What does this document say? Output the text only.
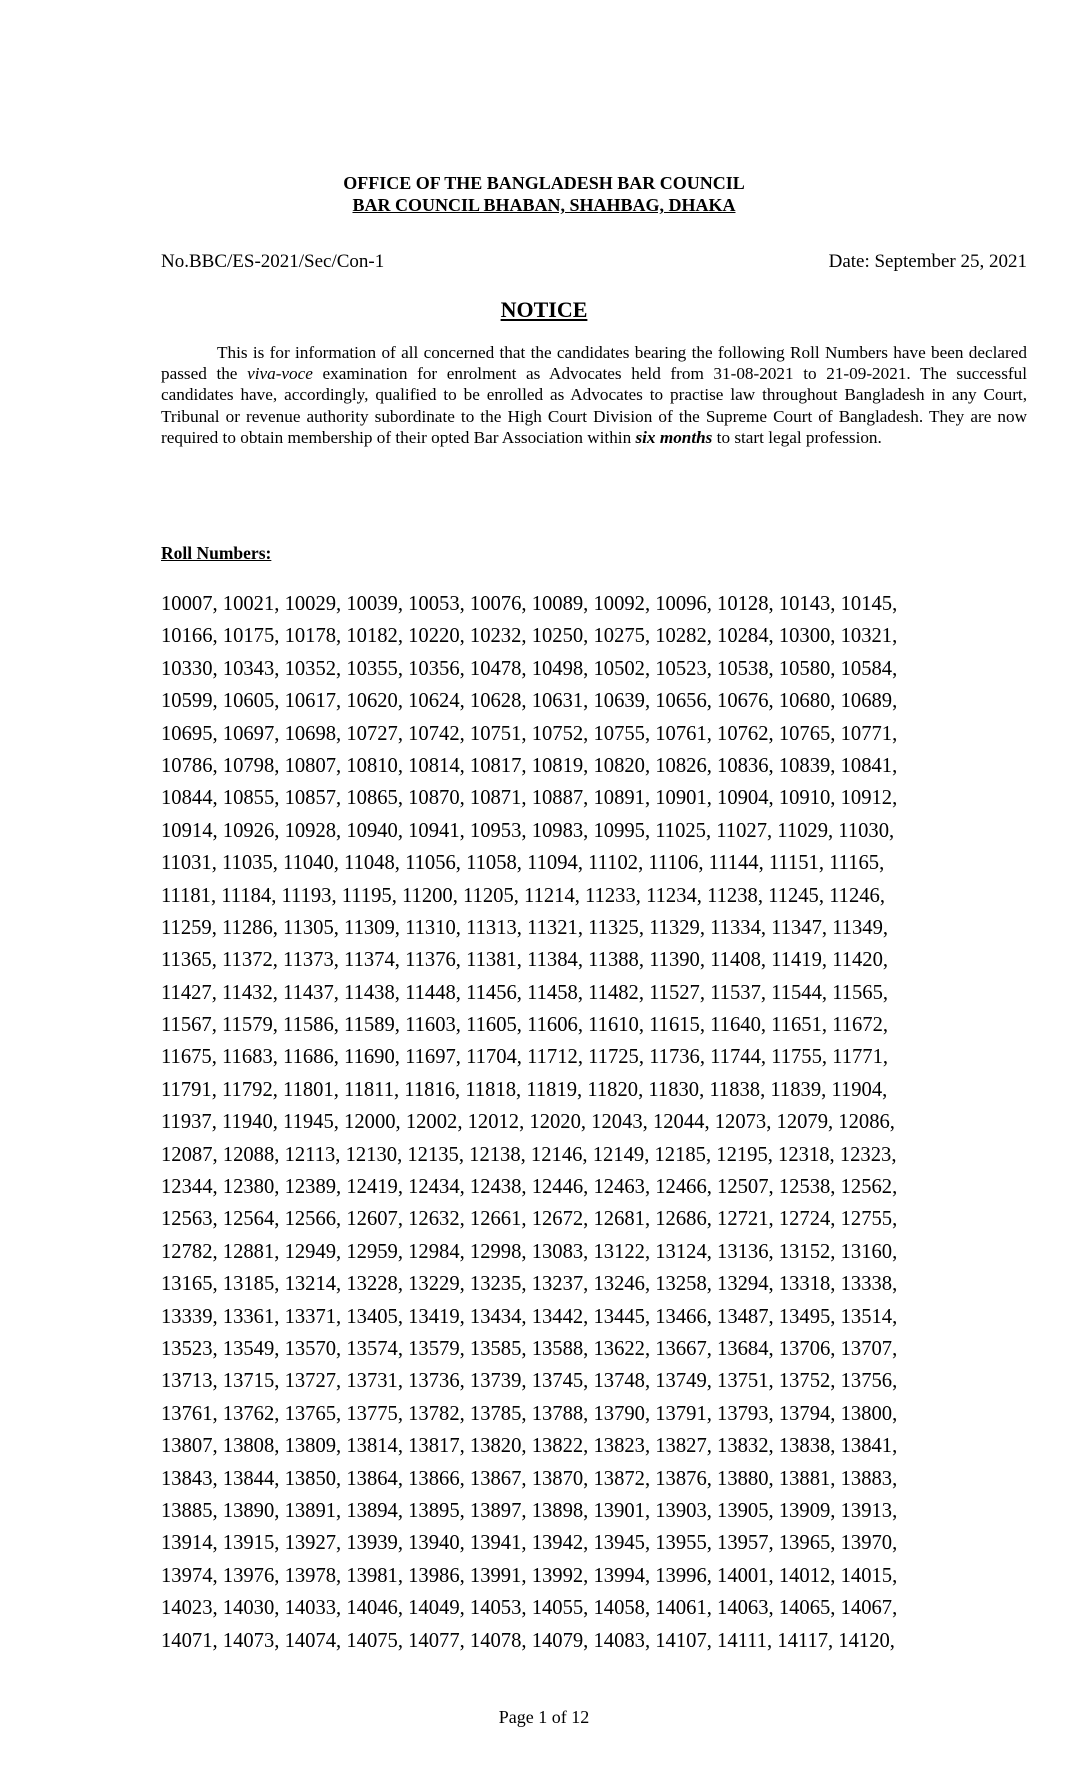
OFFICE OF THE BANGLADESH BAR COUNCIL
BAR COUNCIL BHABAN, SHAHBAG, DHAKA
No.BBC/ES-2021/Sec/Con-1	Date: September 25, 2021
NOTICE
This is for information of all concerned that the candidates bearing the following Roll Numbers have been declared passed the viva-voce examination for enrolment as Advocates held from 31-08-2021 to 21-09-2021. The successful candidates have, accordingly, qualified to be enrolled as Advocates to practise law throughout Bangladesh in any Court, Tribunal or revenue authority subordinate to the High Court Division of the Supreme Court of Bangladesh. They are now required to obtain membership of their opted Bar Association within six months to start legal profession.
Roll Numbers:
10007, 10021, 10029, 10039, 10053, 10076, 10089, 10092, 10096, 10128, 10143, 10145,
10166, 10175, 10178, 10182, 10220, 10232, 10250, 10275, 10282, 10284, 10300, 10321,
10330, 10343, 10352, 10355, 10356, 10478, 10498, 10502, 10523, 10538, 10580, 10584,
10599, 10605, 10617, 10620, 10624, 10628, 10631, 10639, 10656, 10676, 10680, 10689,
10695, 10697, 10698, 10727, 10742, 10751, 10752, 10755, 10761, 10762, 10765, 10771,
10786, 10798, 10807, 10810, 10814, 10817, 10819, 10820, 10826, 10836, 10839, 10841,
10844, 10855, 10857, 10865, 10870, 10871, 10887, 10891, 10901, 10904, 10910, 10912,
10914, 10926, 10928, 10940, 10941, 10953, 10983, 10995, 11025, 11027, 11029, 11030,
11031, 11035, 11040, 11048, 11056, 11058, 11094, 11102, 11106, 11144, 11151, 11165,
11181, 11184, 11193, 11195, 11200, 11205, 11214, 11233, 11234, 11238, 11245, 11246,
11259, 11286, 11305, 11309, 11310, 11313, 11321, 11325, 11329, 11334, 11347, 11349,
11365, 11372, 11373, 11374, 11376, 11381, 11384, 11388, 11390, 11408, 11419, 11420,
11427, 11432, 11437, 11438, 11448, 11456, 11458, 11482, 11527, 11537, 11544, 11565,
11567, 11579, 11586, 11589, 11603, 11605, 11606, 11610, 11615, 11640, 11651, 11672,
11675, 11683, 11686, 11690, 11697, 11704, 11712, 11725, 11736, 11744, 11755, 11771,
11791, 11792, 11801, 11811, 11816, 11818, 11819, 11820, 11830, 11838, 11839, 11904,
11937, 11940, 11945, 12000, 12002, 12012, 12020, 12043, 12044, 12073, 12079, 12086,
12087, 12088, 12113, 12130, 12135, 12138, 12146, 12149, 12185, 12195, 12318, 12323,
12344, 12380, 12389, 12419, 12434, 12438, 12446, 12463, 12466, 12507, 12538, 12562,
12563, 12564, 12566, 12607, 12632, 12661, 12672, 12681, 12686, 12721, 12724, 12755,
12782, 12881, 12949, 12959, 12984, 12998, 13083, 13122, 13124, 13136, 13152, 13160,
13165, 13185, 13214, 13228, 13229, 13235, 13237, 13246, 13258, 13294, 13318, 13338,
13339, 13361, 13371, 13405, 13419, 13434, 13442, 13445, 13466, 13487, 13495, 13514,
13523, 13549, 13570, 13574, 13579, 13585, 13588, 13622, 13667, 13684, 13706, 13707,
13713, 13715, 13727, 13731, 13736, 13739, 13745, 13748, 13749, 13751, 13752, 13756,
13761, 13762, 13765, 13775, 13782, 13785, 13788, 13790, 13791, 13793, 13794, 13800,
13807, 13808, 13809, 13814, 13817, 13820, 13822, 13823, 13827, 13832, 13838, 13841,
13843, 13844, 13850, 13864, 13866, 13867, 13870, 13872, 13876, 13880, 13881, 13883,
13885, 13890, 13891, 13894, 13895, 13897, 13898, 13901, 13903, 13905, 13909, 13913,
13914, 13915, 13927, 13939, 13940, 13941, 13942, 13945, 13955, 13957, 13965, 13970,
13974, 13976, 13978, 13981, 13986, 13991, 13992, 13994, 13996, 14001, 14012, 14015,
14023, 14030, 14033, 14046, 14049, 14053, 14055, 14058, 14061, 14063, 14065, 14067,
14071, 14073, 14074, 14075, 14077, 14078, 14079, 14083, 14107, 14111, 14117, 14120,
Page 1 of 12
